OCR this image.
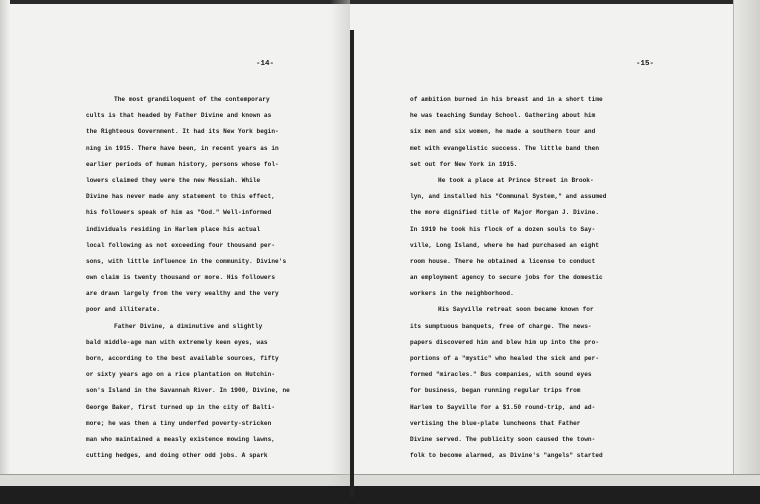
-14-
The most grandiloquent of the contemporary
cults is that headed by Father Divine and known as
the Righteous Government. It had its New York begin-
ning in 1915. There have been, in recent years as in
earlier periods of human history, persons whose fol-
lowers claimed they were the new Messiah. While
Divine has never made any statement to this effect,
his followers speak of him as "God." Well-informed
individuals residing in Harlem place his actual
local following as not exceeding four thousand per-
sons, with little influence in the community. Divine's
own claim is twenty thousand or more. His followers
are drawn largely from the very wealthy and the very
poor and illiterate.
Father Divine, a diminutive and slightly
bald middle-age man with extremely keen eyes, was
born, according to the best available sources, fifty
or sixty years ago on a rice plantation on Hutchin-
son's Island in the Savannah River. In 1900, Divine, ne
George Baker, first turned up in the city of Balti-
more; he was then a tiny underfed poverty-stricken
man who maintained a measly existence mowing lawns,
cutting hedges, and doing other odd jobs. A spark
-15-
of ambition burned in his breast and in a short time
he was teaching Sunday School. Gathering about him
six men and six women, he made a southern tour and
met with evangelistic success. The little band then
set out for New York in 1915.
He took a place at Prince Street in Brook-
lyn, and installed his "Communal System," and assumed
the more dignified title of Major Morgan J. Divine.
In 1919 he took his flock of a dozen souls to Say-
ville, Long Island, where he had purchased an eight
room house. There he obtained a license to conduct
an employment agency to secure jobs for the domestic
workers in the neighborhood.
His Sayville retreat soon became known for
its sumptuous banquets, free of charge. The news-
papers discovered him and blew him up into the pro-
portions of a "mystic" who healed the sick and per-
formed "miracles." Bus companies, with sound eyes
for business, began running regular trips from
Harlem to Sayville for a $1.50 round-trip, and ad-
vertising the blue-plate luncheons that Father
Divine served. The publicity soon caused the town-
folk to become alarmed, as Divine's "angels" started
